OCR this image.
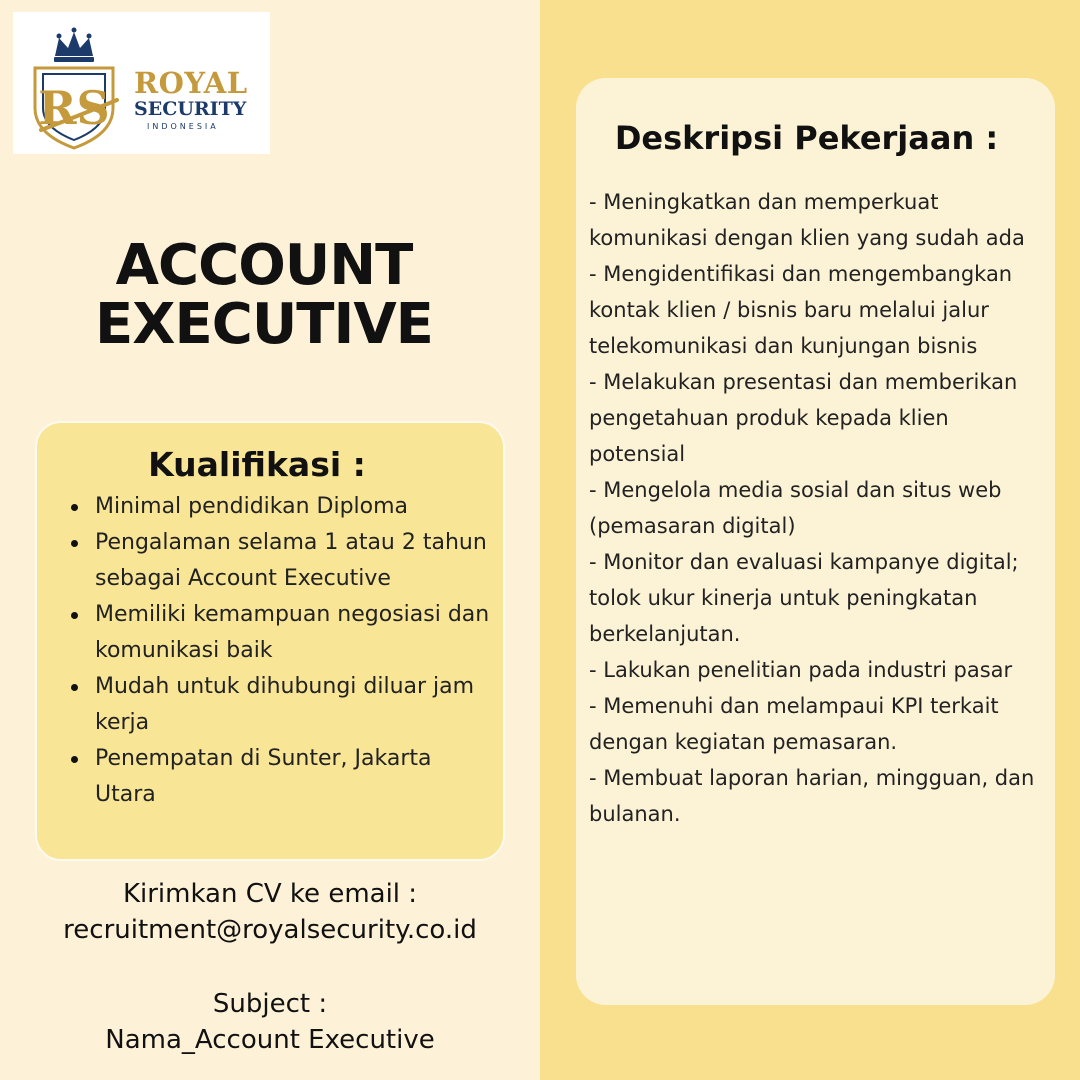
RS ROYAL
SECURITY
INDONESIA
ACCOUNT
EXECUTIVE
Kualifikasi :
Minimal pendidikan Diploma
Pengalaman selama 1 atau 2 tahun sebagai Account Executive
Memiliki kemampuan negosiasi dan komunikasi baik
Mudah untuk dihubungi diluar jam kerja
Penempatan di Sunter, Jakarta Utara
Kirimkan CV ke email :
recruitment@royalsecurity.co.id
Subject :
Nama_Account Executive
Deskripsi Pekerjaan :
- Meningkatkan dan memperkuat komunikasi dengan klien yang sudah ada
- Mengidentifikasi dan mengembangkan kontak klien / bisnis baru melalui jalur telekomunikasi dan kunjungan bisnis
- Melakukan presentasi dan memberikan pengetahuan produk kepada klien potensial
- Mengelola media sosial dan situs web (pemasaran digital)
- Monitor dan evaluasi kampanye digital; tolok ukur kinerja untuk peningkatan berkelanjutan.
- Lakukan penelitian pada industri pasar
- Memenuhi dan melampaui KPI terkait dengan kegiatan pemasaran.
- Membuat laporan harian, mingguan, dan bulanan.
